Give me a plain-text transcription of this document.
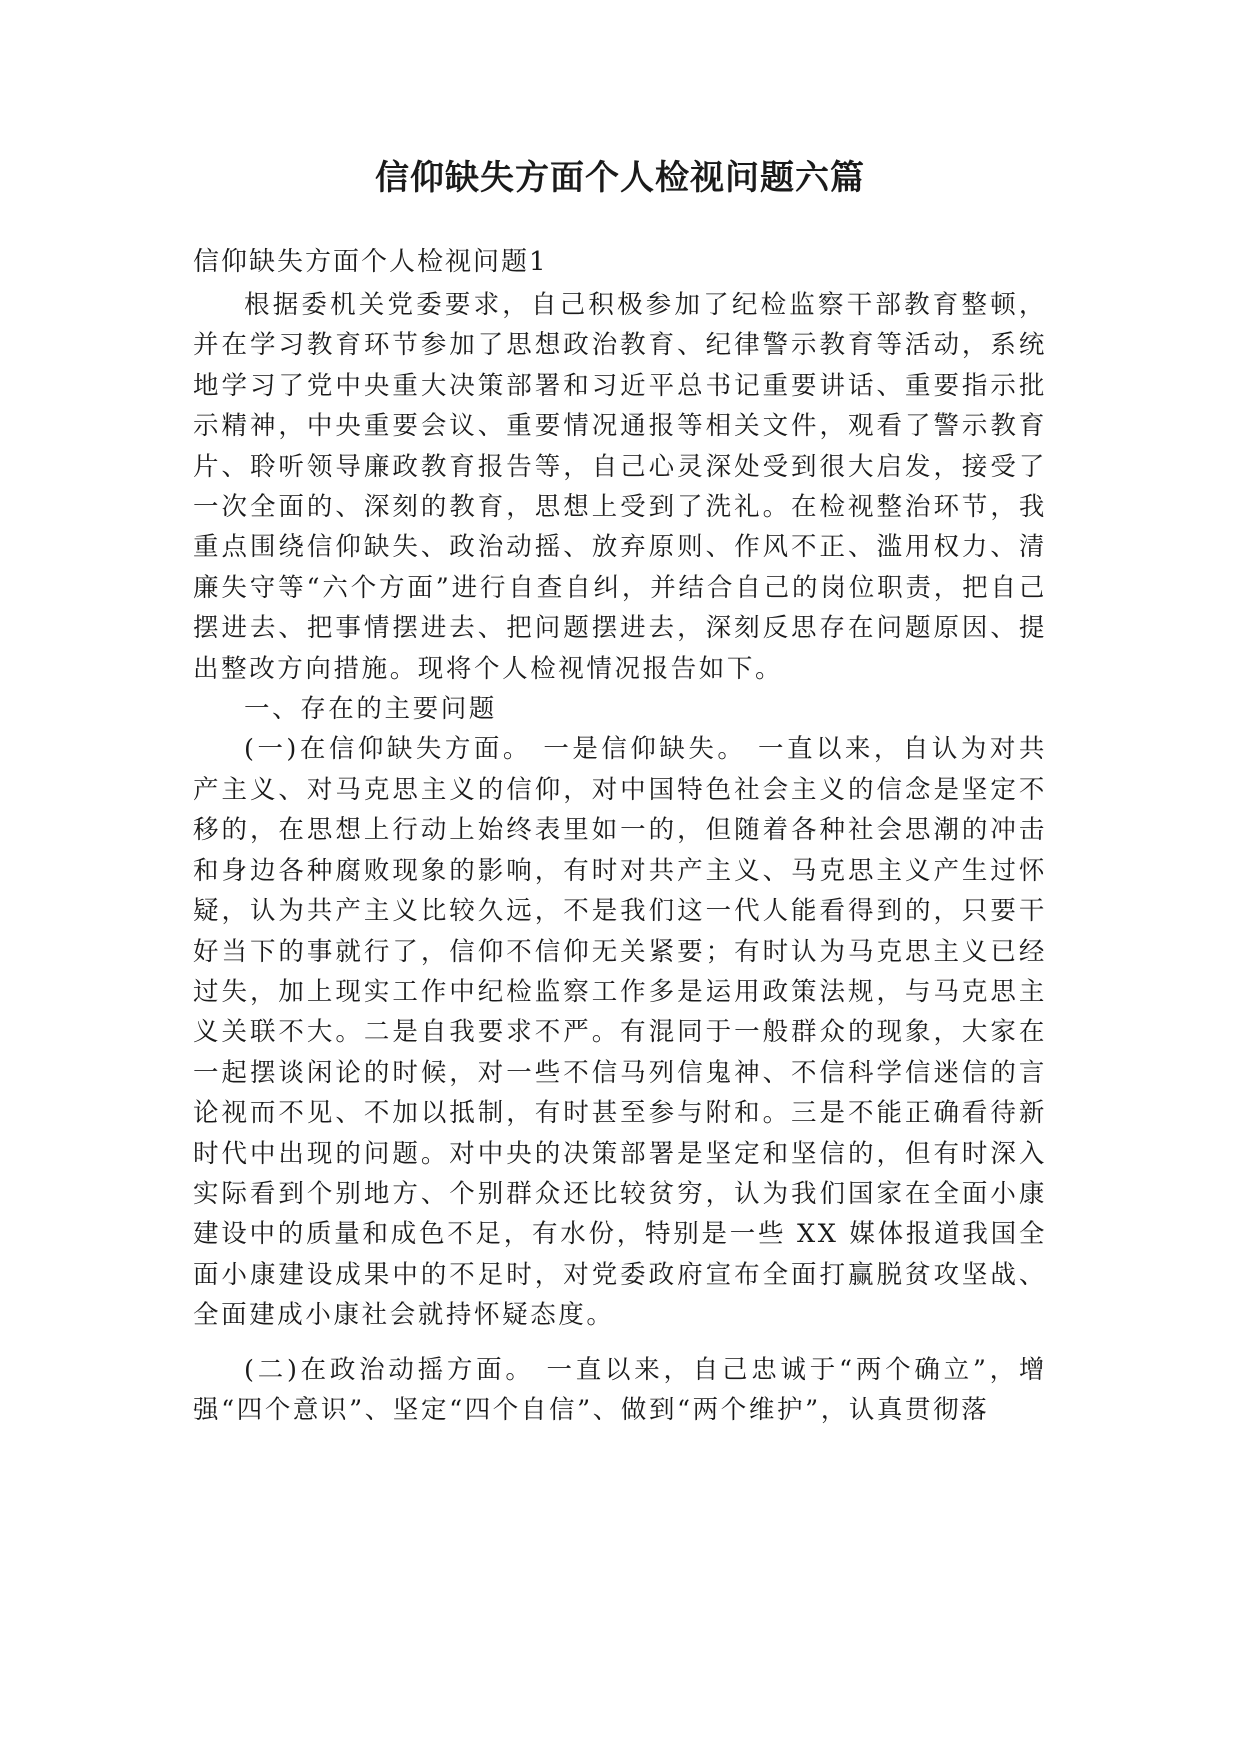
信仰缺失方面个人检视问题六篇

信仰缺失方面个人检视问题1

根据委机关党委要求，自己积极参加了纪检监察干部教育整顿，并在学习教育环节参加了思想政治教育、纪律警示教育等活动，系统地学习了党中央重大决策部署和习近平总书记重要讲话、重要指示批示精神，中央重要会议、重要情况通报等相关文件，观看了警示教育片、聆听领导廉政教育报告等，自己心灵深处受到很大启发，接受了一次全面的、深刻的教育，思想上受到了洗礼。在检视整治环节，我重点围绕信仰缺失、政治动摇、放弃原则、作风不正、滥用权力、清廉失守等“六个方面”进行自查自纠，并结合自己的岗位职责，把自己摆进去、把事情摆进去、把问题摆进去，深刻反思存在问题原因、提出整改方向措施。现将个人检视情况报告如下。

一、存在的主要问题

(一)在信仰缺失方面。 一是信仰缺失。 一直以来，自认为对共产主义、对马克思主义的信仰，对中国特色社会主义的信念是坚定不移的，在思想上行动上始终表里如一的，但随着各种社会思潮的冲击和身边各种腐败现象的影响，有时对共产主义、马克思主义产生过怀疑，认为共产主义比较久远，不是我们这一代人能看得到的，只要干好当下的事就行了，信仰不信仰无关紧要；有时认为马克思主义已经过失，加上现实工作中纪检监察工作多是运用政策法规，与马克思主义关联不大。二是自我要求不严。有混同于一般群众的现象，大家在一起摆谈闲论的时候，对一些不信马列信鬼神、不信科学信迷信的言论视而不见、不加以抵制，有时甚至参与附和。三是不能正确看待新时代中出现的问题。对中央的决策部署是坚定和坚信的，但有时深入实际看到个别地方、个别群众还比较贫穷，认为我们国家在全面小康建设中的质量和成色不足，有水份，特别是一些 XX 媒体报道我国全面小康建设成果中的不足时，对党委政府宣布全面打赢脱贫攻坚战、全面建成小康社会就持怀疑态度。

(二)在政治动摇方面。 一直以来，自己忠诚于“两个确立”，增强“四个意识”、坚定“四个自信”、做到“两个维护”，认真贯彻落
